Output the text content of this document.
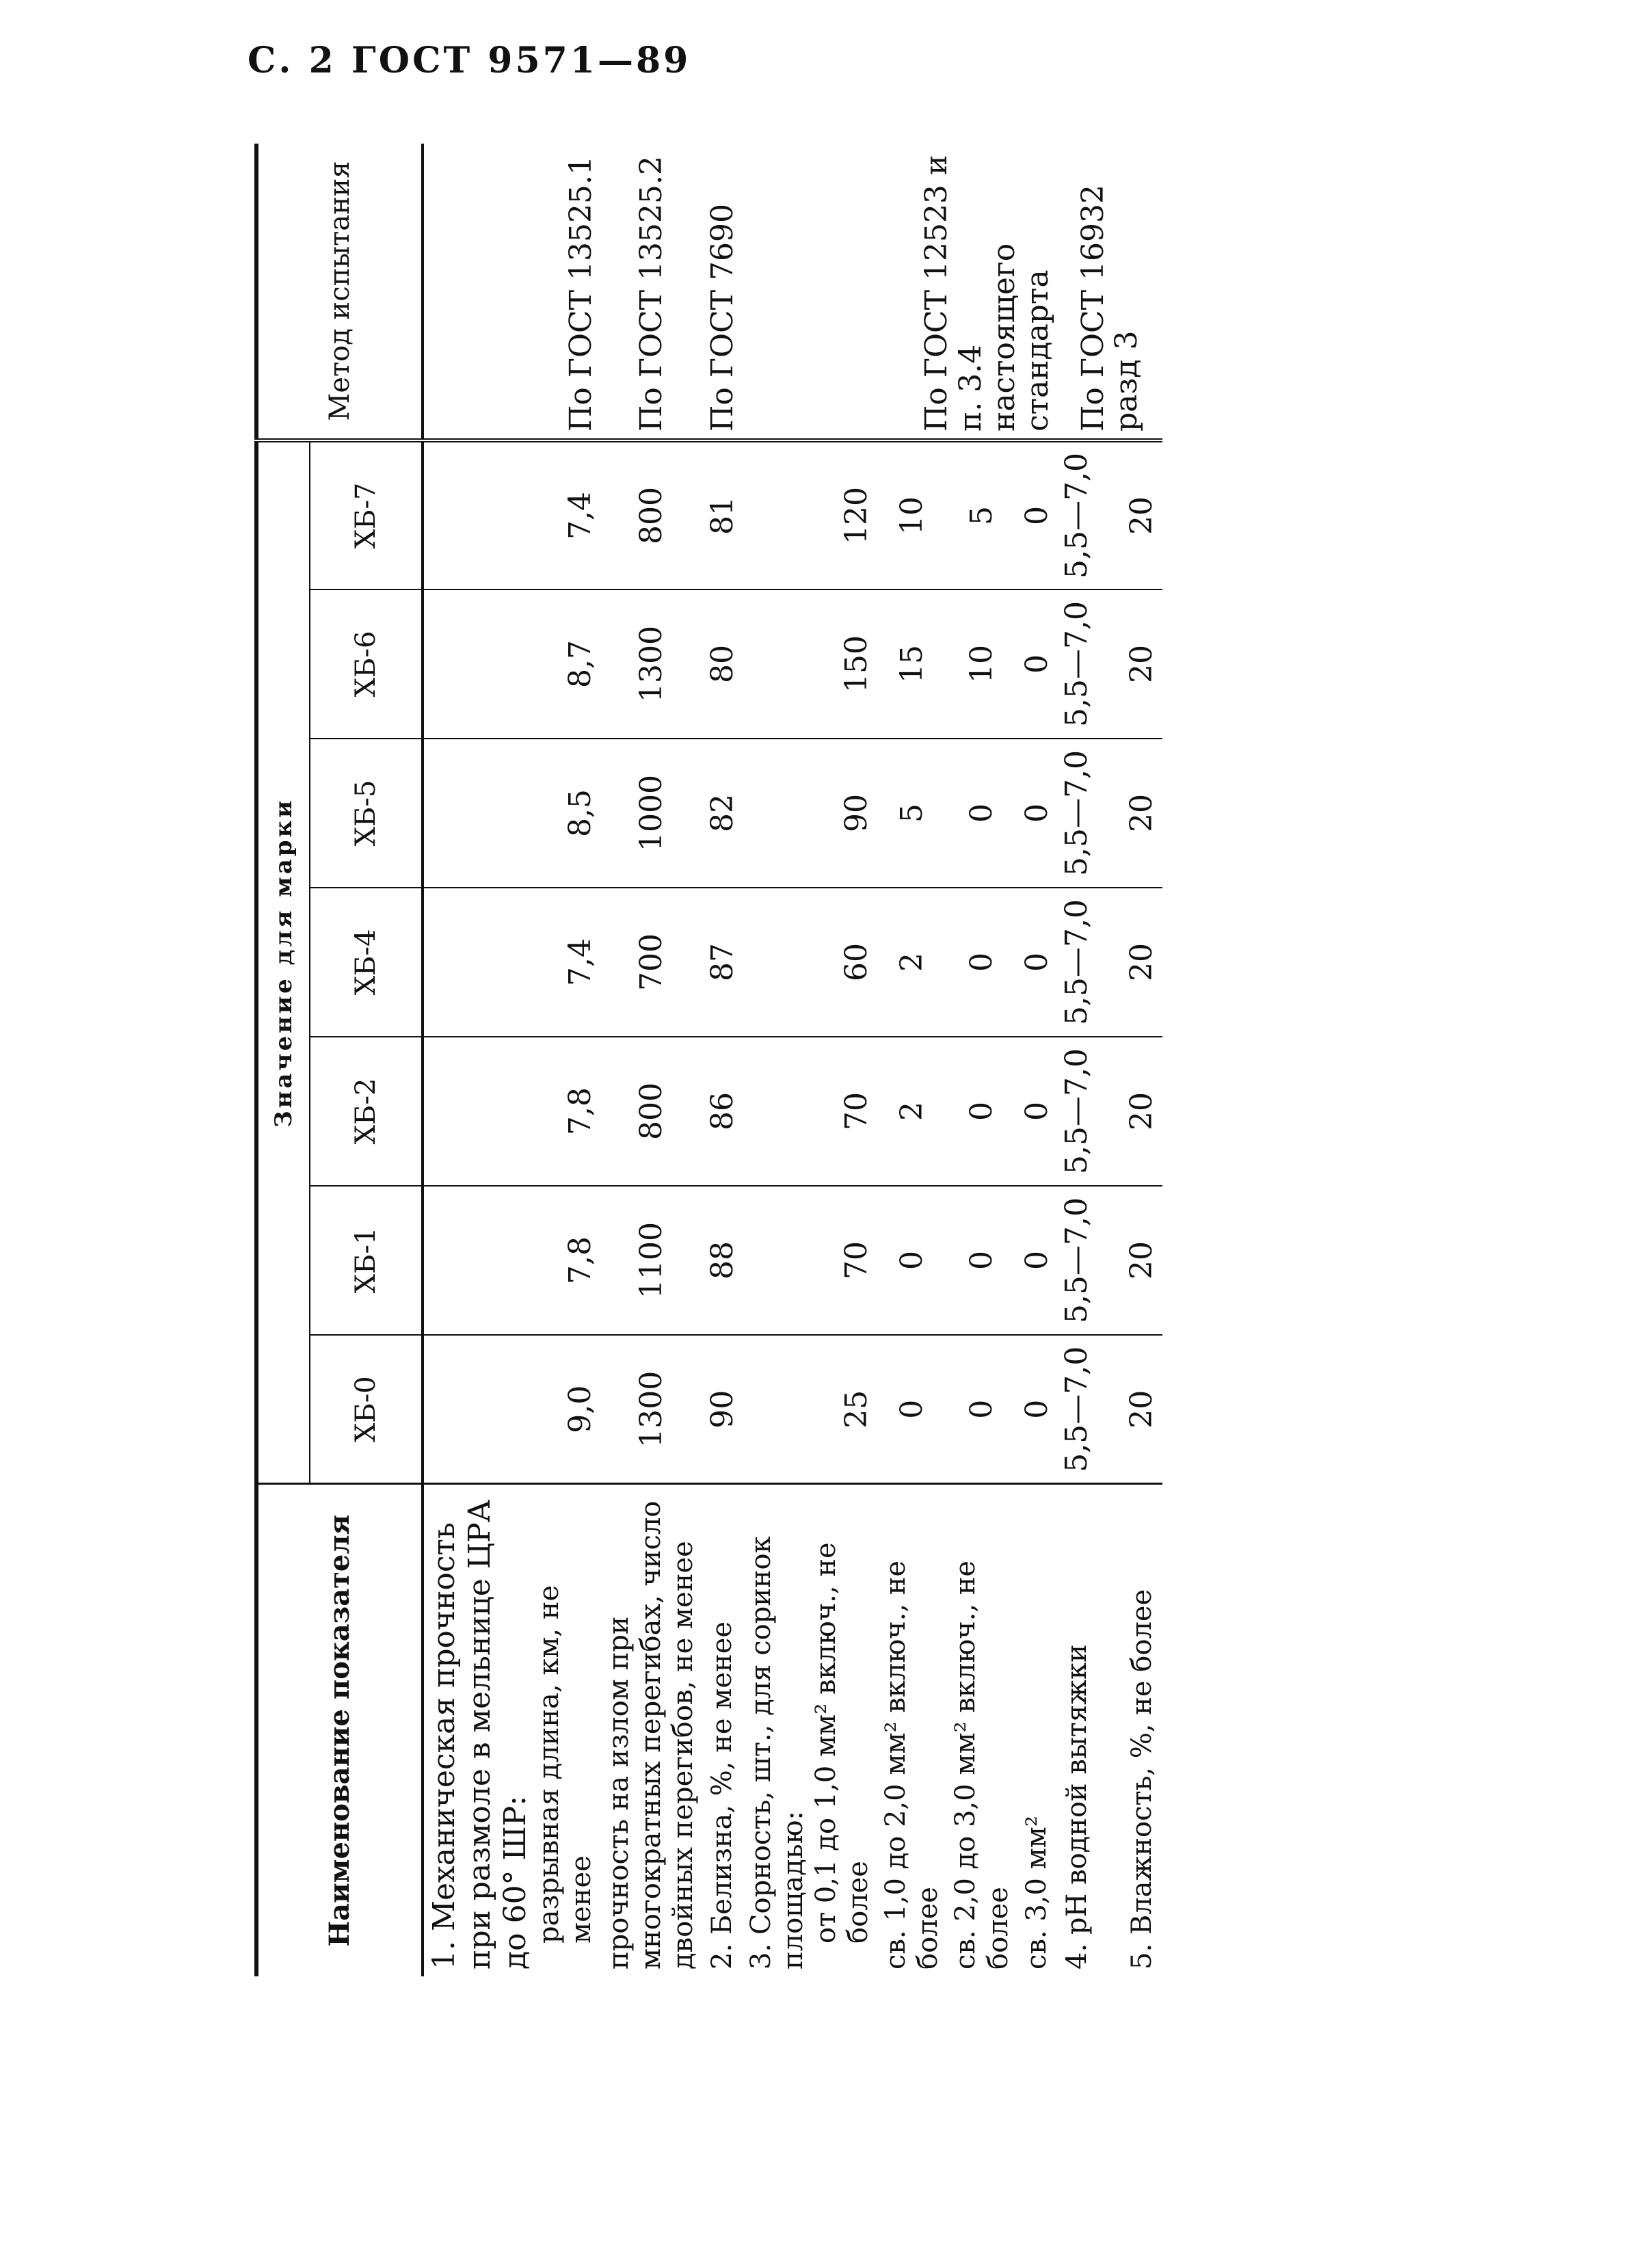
С. 2 ГОСТ 9571—89
Наименование показателя	Значение для марки							Метод испытания
	ХБ-0	ХБ-1	ХБ-2	ХБ-4	ХБ-5	ХБ-6	ХБ-7	

1. Механическая прочность при размоле в мельнице ЦРА до 60° ШР: разрывная длина, км, не менее	9,0	7,8	7,8	7,4	8,5	8,7	7,4	По ГОСТ 13525.1
прочность на излом при многократных перегибах, число двойных перегибов, не менее	1300	1100	800	700	1000	1300	800	По ГОСТ 13525.2
2. Белизна, %, не менее	90	88	86	87	82	80	81	По ГОСТ 7690

3. Сорность, шт., для соринок площадью: от 0,1 до 1,0 мм² включ., не более	25	70	70	60	90	150	120	По ГОСТ 12523 и п. 3.4 настоящего стандарта
св. 1,0 до 2,0 мм² включ., не более	0	0	2	2	5	15	10	
св. 2,0 до 3,0 мм² включ., не более	0	0	0	0	0	10	5	
св. 3,0 мм²	0	0	0	0	0	0	0	
4. pH водной вытяжки	5,5—7,0	5,5—7,0	5,5—7,0	5,5—7,0	5,5—7,0	5,5—7,0	5,5—7,0	По ГОСТ 16932 разд 3
5. Влажность, %, не более	20	20	20	20	20	20	20	
